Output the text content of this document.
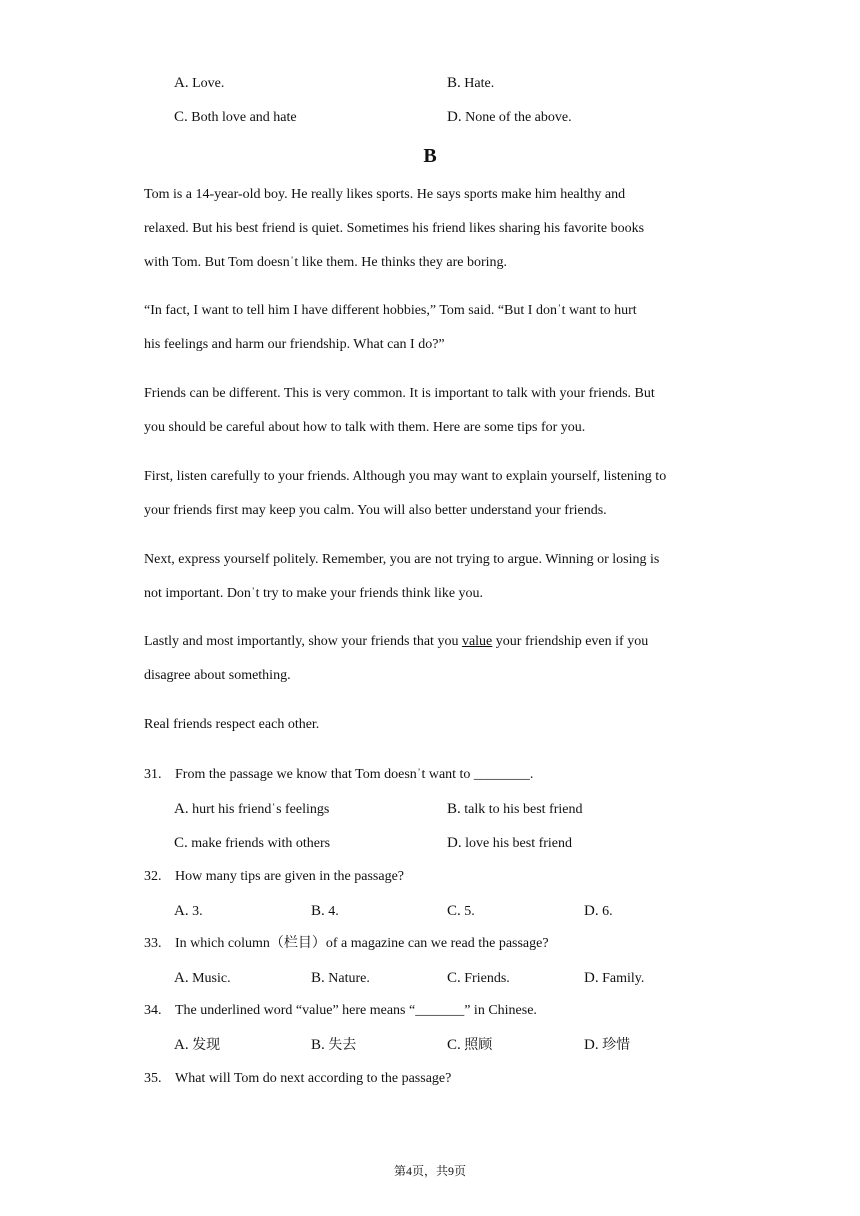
A. Love.	B. Hate.
C. Both love and hate	D. None of the above.
B
Tom is a 14-year-old boy. He really likes sports. He says sports make him healthy and
relaxed. But his best friend is quiet. Sometimes his friend likes sharing his favorite books
with Tom. But Tom doesnˈt like them. He thinks they are boring.
“In fact, I want to tell him I have different hobbies,” Tom said. “But I donˈt want to hurt
his feelings and harm our friendship. What can I do?”
Friends can be different. This is very common. It is important to talk with your friends. But
you should be careful about how to talk with them. Here are some tips for you.
First, listen carefully to your friends. Although you may want to explain yourself, listening to
your friends first may keep you calm. You will also better understand your friends.
Next, express yourself politely. Remember, you are not trying to argue. Winning or losing is
not important. Donˈt try to make your friends think like you.
Lastly and most importantly, show your friends that you value your friendship even if you
disagree about something.
Real friends respect each other.
31. From the passage we know that Tom doesnˈt want to ________.
A. hurt his friendˈs feelings	B. talk to his best friend
C. make friends with others	D. love his best friend
32. How many tips are given in the passage?
A. 3.	B. 4.	C. 5.	D. 6.
33. In which column（栏目）of a magazine can we read the passage?
A. Music.	B. Nature.	C. Friends.	D. Family.
34. The underlined word “value” here means “_______” in Chinese.
A. 发现	B. 失去	C. 照顾	D. 珍惜
35. What will Tom do next according to the passage?
第4页，共9页
